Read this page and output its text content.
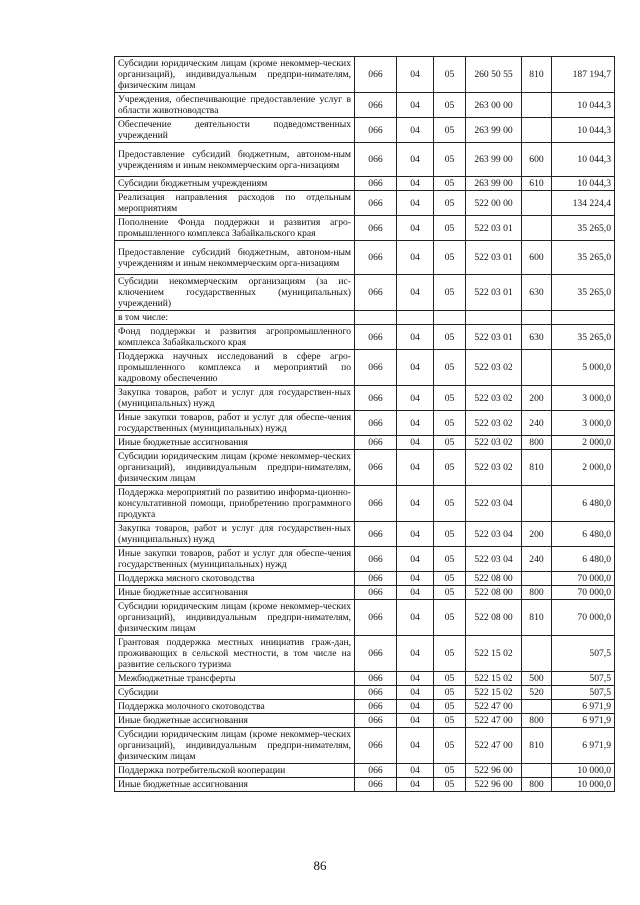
Субсидии юридическим лицам (кроме некоммер-ческих организаций), индивидуальным предпри-нимателям, физическим лицам	066	04	05	260 50 55	810	187 194,7
Учреждения, обеспечивающие предоставление услуг в области животноводства	066	04	05	263 00 00		10 044,3
Обеспечение деятельности подведомственных учреждений	066	04	05	263 99 00		10 044,3
Предоставление субсидий бюджетным, автоном-ным учреждениям и иным некоммерческим орга-низациям	066	04	05	263 99 00	600	10 044,3
Субсидии бюджетным учреждениям	066	04	05	263 99 00	610	10 044,3
Реализация направления расходов по отдельным мероприятиям	066	04	05	522 00 00		134 224,4
Пополнение Фонда поддержки и развития агро-промышленного комплекса Забайкальского края	066	04	05	522 03 01		35 265,0
Предоставление субсидий бюджетным, автоном-ным учреждениям и иным некоммерческим орга-низациям	066	04	05	522 03 01	600	35 265,0
Субсидии некоммерческим организациям (за ис-ключением государственных (муниципальных) учреждений)	066	04	05	522 03 01	630	35 265,0
в том числе:						
Фонд поддержки и развития агропромышленного комплекса Забайкальского края	066	04	05	522 03 01	630	35 265,0
Поддержка научных исследований в сфере агро-промышленного комплекса и мероприятий по кадровому обеспечению	066	04	05	522 03 02		5 000,0
Закупка товаров, работ и услуг для государствен-ных (муниципальных) нужд	066	04	05	522 03 02	200	3 000,0
Иные закупки товаров, работ и услуг для обеспе-чения государственных (муниципальных) нужд	066	04	05	522 03 02	240	3 000,0
Иные бюджетные ассигнования	066	04	05	522 03 02	800	2 000,0
Субсидии юридическим лицам (кроме некоммер-ческих организаций), индивидуальным предпри-нимателям, физическим лицам	066	04	05	522 03 02	810	2 000,0
Поддержка мероприятий по развитию информа-ционно-консультативной помощи, приобретению программного продукта	066	04	05	522 03 04		6 480,0
Закупка товаров, работ и услуг для государствен-ных (муниципальных) нужд	066	04	05	522 03 04	200	6 480,0
Иные закупки товаров, работ и услуг для обеспе-чения государственных (муниципальных) нужд	066	04	05	522 03 04	240	6 480,0
Поддержка мясного скотоводства	066	04	05	522 08 00		70 000,0
Иные бюджетные ассигнования	066	04	05	522 08 00	800	70 000,0
Субсидии юридическим лицам (кроме некоммер-ческих организаций), индивидуальным предпри-нимателям, физическим лицам	066	04	05	522 08 00	810	70 000,0
Грантовая поддержка местных инициатив граж-дан, проживающих в сельской местности, в том числе на развитие сельского туризма	066	04	05	522 15 02		507,5
Межбюджетные трансферты	066	04	05	522 15 02	500	507,5
Субсидии	066	04	05	522 15 02	520	507,5
Поддержка молочного скотоводства	066	04	05	522 47 00		6 971,9
Иные бюджетные ассигнования	066	04	05	522 47 00	800	6 971,9
Субсидии юридическим лицам (кроме некоммер-ческих организаций), индивидуальным предпри-нимателям, физическим лицам	066	04	05	522 47 00	810	6 971,9
Поддержка потребительской кооперации	066	04	05	522 96 00		10 000,0
Иные бюджетные ассигнования	066	04	05	522 96 00	800	10 000,0
86
